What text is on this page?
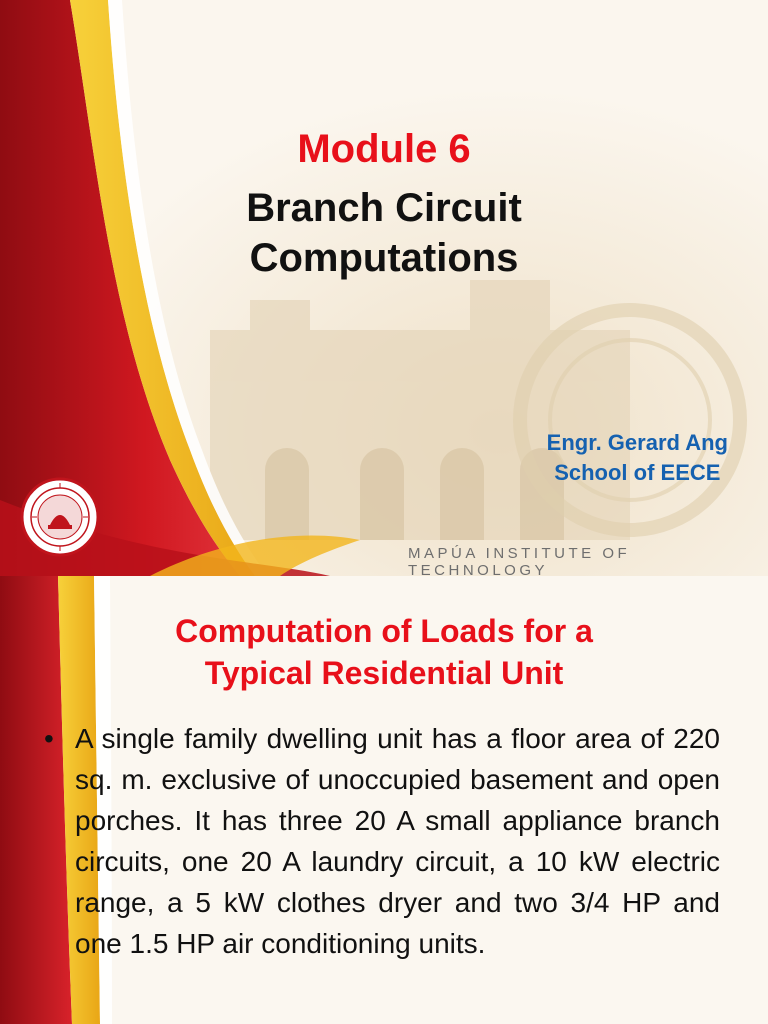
Module 6
Branch Circuit
Computations
Engr. Gerard Ang
School of EECE
MAPÚA INSTITUTE OF TECHNOLOGY
Computation of Loads for a
Typical Residential Unit
• A single family dwelling unit has a floor area of 220 sq. m. exclusive of unoccupied basement and open porches. It has three 20 A small appliance branch circuits, one 20 A laundry circuit, a 10 kW electric range, a 5 kW clothes dryer and two 3/4 HP and one 1.5 HP air conditioning units.
